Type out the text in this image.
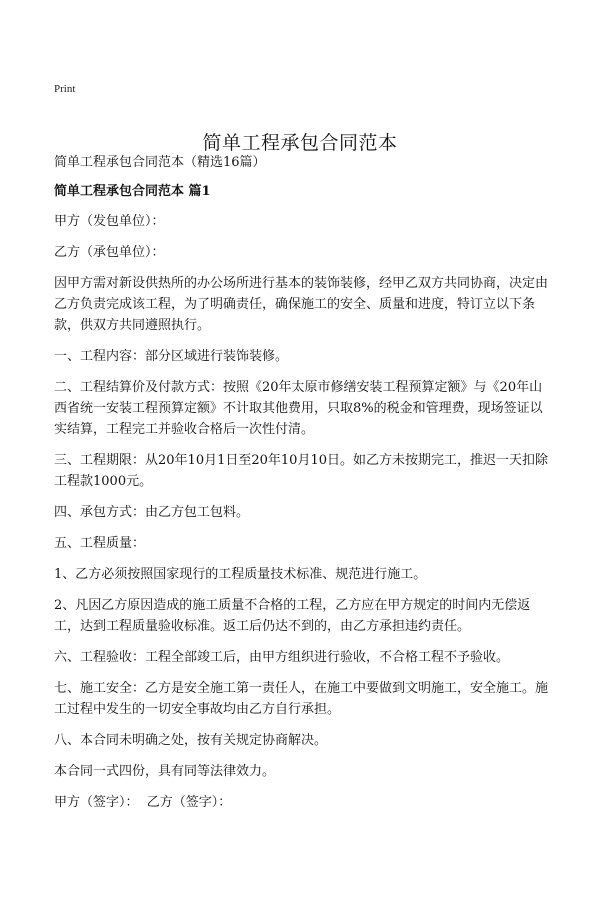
Print
简单工程承包合同范本

简单工程承包合同范本（精选16篇）

简单工程承包合同范本 篇1

甲方（发包单位）：

乙方（承包单位）：

因甲方需对新设供热所的办公场所进行基本的装饰装修，经甲乙双方共同协商，决定由乙方负责完成该工程，为了明确责任，确保施工的安全、质量和进度，特订立以下条款，供双方共同遵照执行。

一、工程内容：部分区域进行装饰装修。

二、工程结算价及付款方式：按照《20年太原市修缮安装工程预算定额》与《20年山西省统一安装工程预算定额》不计取其他费用，只取8%的税金和管理费，现场签证以实结算，工程完工并验收合格后一次性付清。

三、工程期限：从20年10月1日至20年10月10日。如乙方未按期完工，推迟一天扣除工程款1000元。

四、承包方式：由乙方包工包料。

五、工程质量：

1、乙方必须按照国家现行的工程质量技术标准、规范进行施工。

2、凡因乙方原因造成的施工质量不合格的工程，乙方应在甲方规定的时间内无偿返工，达到工程质量验收标准。返工后仍达不到的，由乙方承担违约责任。

六、工程验收：工程全部竣工后，由甲方组织进行验收，不合格工程不予验收。

七、施工安全：乙方是安全施工第一责任人，在施工中要做到文明施工，安全施工。施工过程中发生的一切安全事故均由乙方自行承担。

八、本合同未明确之处，按有关规定协商解决。

本合同一式四份，具有同等法律效力。

甲方（签字）：  乙方（签字）：
